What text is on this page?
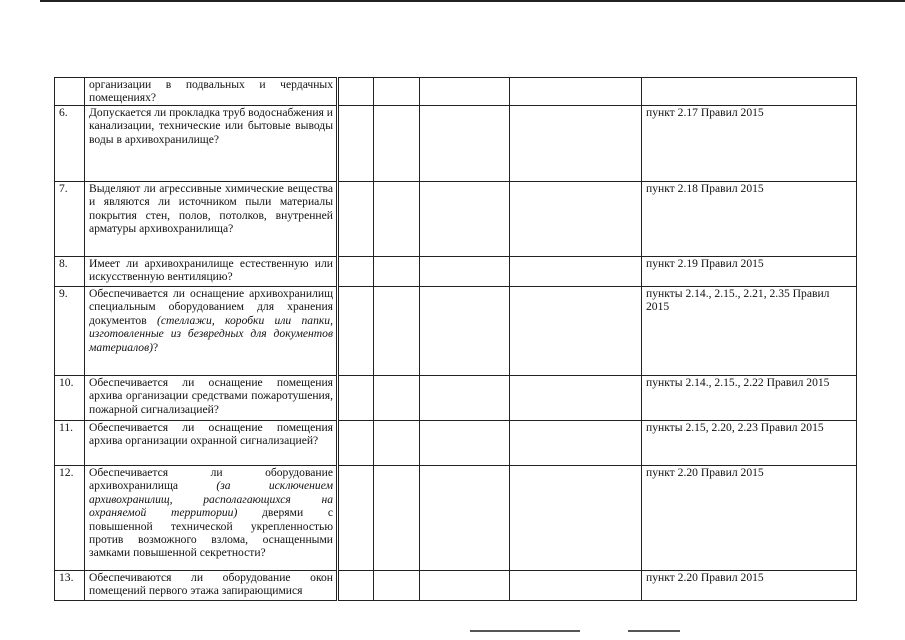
	организации в подвальных и чердачных помещениях?					
6.	Допускается ли прокладка труб водоснабжения и канализации, технические или бытовые выводы воды в архивохранилище?					пункт 2.17 Правил 2015
7.	Выделяют ли агрессивные химические вещества и являются ли источником пыли материалы покрытия стен, полов, потолков, внутренней арматуры архивохранилища?					пункт 2.18 Правил 2015
8.	Имеет ли архивохранилище естественную или искусственную вентиляцию?					пункт 2.19 Правил 2015
9.	Обеспечивается ли оснащение архивохранилищ специальным оборудованием для хранения документов (стеллажи, коробки или папки, изготовленные из безвредных для документов материалов)?					пункты 2.14., 2.15., 2.21, 2.35 Правил 2015
10.	Обеспечивается ли оснащение помещения архива организации средствами пожаротушения, пожарной сигнализацией?					пункты 2.14., 2.15., 2.22 Правил 2015
11.	Обеспечивается ли оснащение помещения архива организации охранной сигнализацией?					пункты 2.15, 2.20, 2.23 Правил 2015
12.	Обеспечивается ли оборудование архивохранилища (за исключением архивохранилищ, располагающихся на охраняемой территории) дверями с повышенной технической укрепленностью против возможного взлома, оснащенными замками повышенной секретности?					пункт 2.20 Правил 2015
13.	Обеспечиваются ли оборудование окон помещений первого этажа запирающимися					пункт 2.20 Правил 2015
